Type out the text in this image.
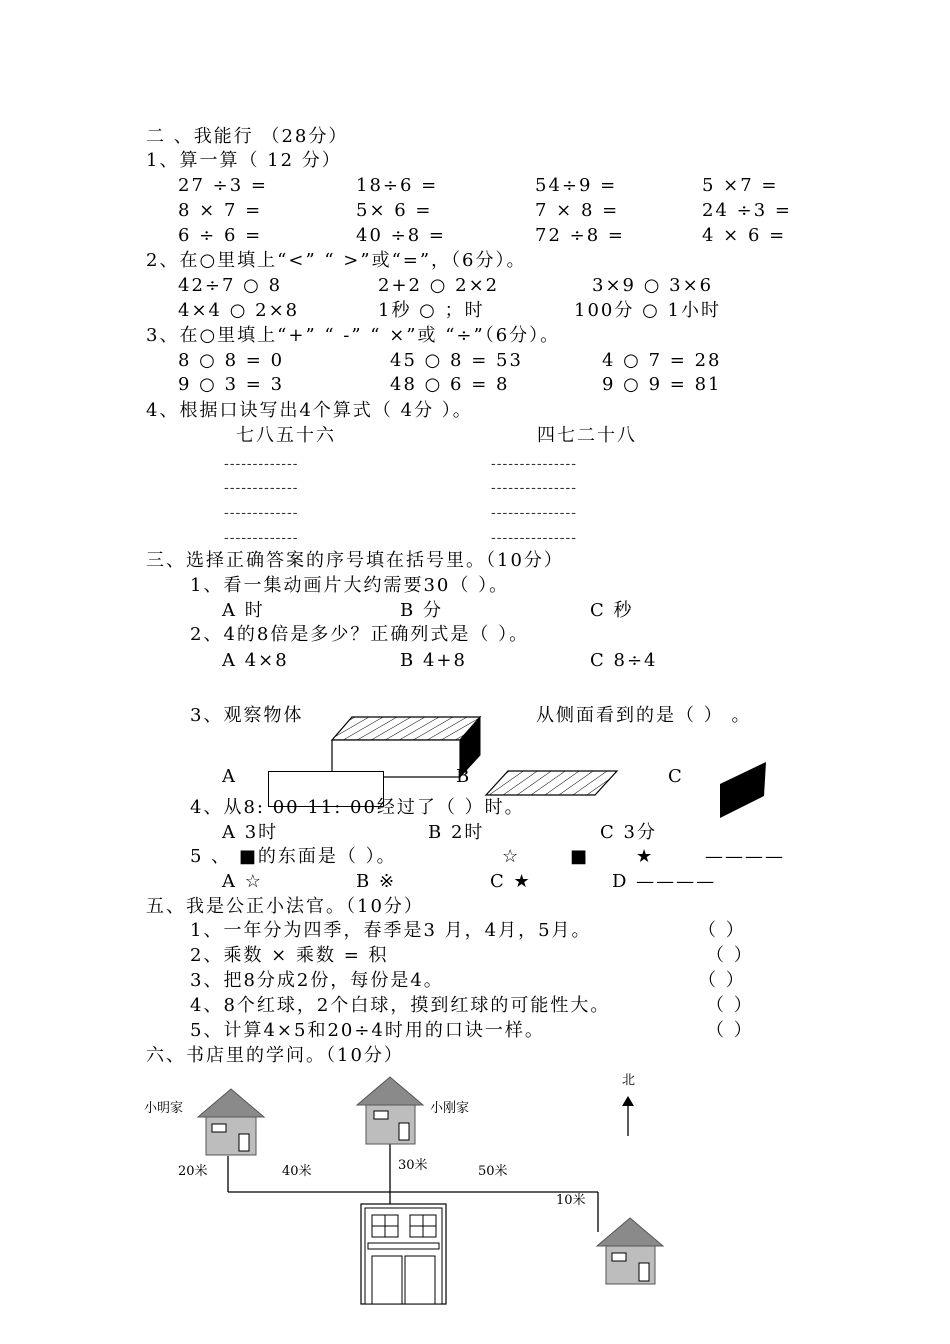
二 、我能行 （28分）
1、算一算（ 12 分）
27 ÷3 =	18÷6 =	54÷9 =	5 ×7 =
8 × 7 =	5× 6 =	7 × 8 =	24 ÷3 =
6 ÷ 6 =	40 ÷8 =	72 ÷8 =	4 × 6 =
2、在○里填上“<” “ >”或“=”，（6分）。
42÷7 ○ 8	2+2 ○ 2×2	3×9 ○ 3×6
4×4 ○ 2×8	1秒 ○ ；时	100分 ○ 1小时
3、在○里填上“+” “ -” “ ×”或 “÷”（6分）。
8 ○ 8 = 0	45 ○ 8 = 53	4 ○ 7 = 28
9 ○ 3 = 3	48 ○ 6 = 8	9 ○ 9 = 81
4、根据口诀写出4个算式（ 4分 ）。
七八五十六	四七二十八
-------------
-------------
-------------
-------------
---------------
---------------
---------------
---------------
三、选择正确答案的序号填在括号里。（10分）
1、看一集动画片大约需要30（ ）。
A 时	B 分	C 秒
2、4的8倍是多少？正确列式是（ ）。
A 4×8	B 4+8	C 8÷4
3、观察物体	从侧面看到的是（ ） 。
A	B	C
4、从8: 00 11: 00经过了（ ）时。
A 3时	B 2时	C 3分
5 、 ■的东面是（ ）。	☆	■	★	————
A ☆	B ※	C ★	D ————
五、我是公正小法官。（10分）
1、一年分为四季，春季是3 月，4月，5月。	（ ）
2、乘数 × 乘数 = 积	（ ）
3、把8分成2份，每份是4。	（ ）
4、8个红球，2个白球，摸到红球的可能性大。	（ ）
5、计算4×5和20÷4时用的口诀一样。	（ ）
六、书店里的学问。（10分）
小明家	小刚家
北
20米	40米	30米	50米
10米
